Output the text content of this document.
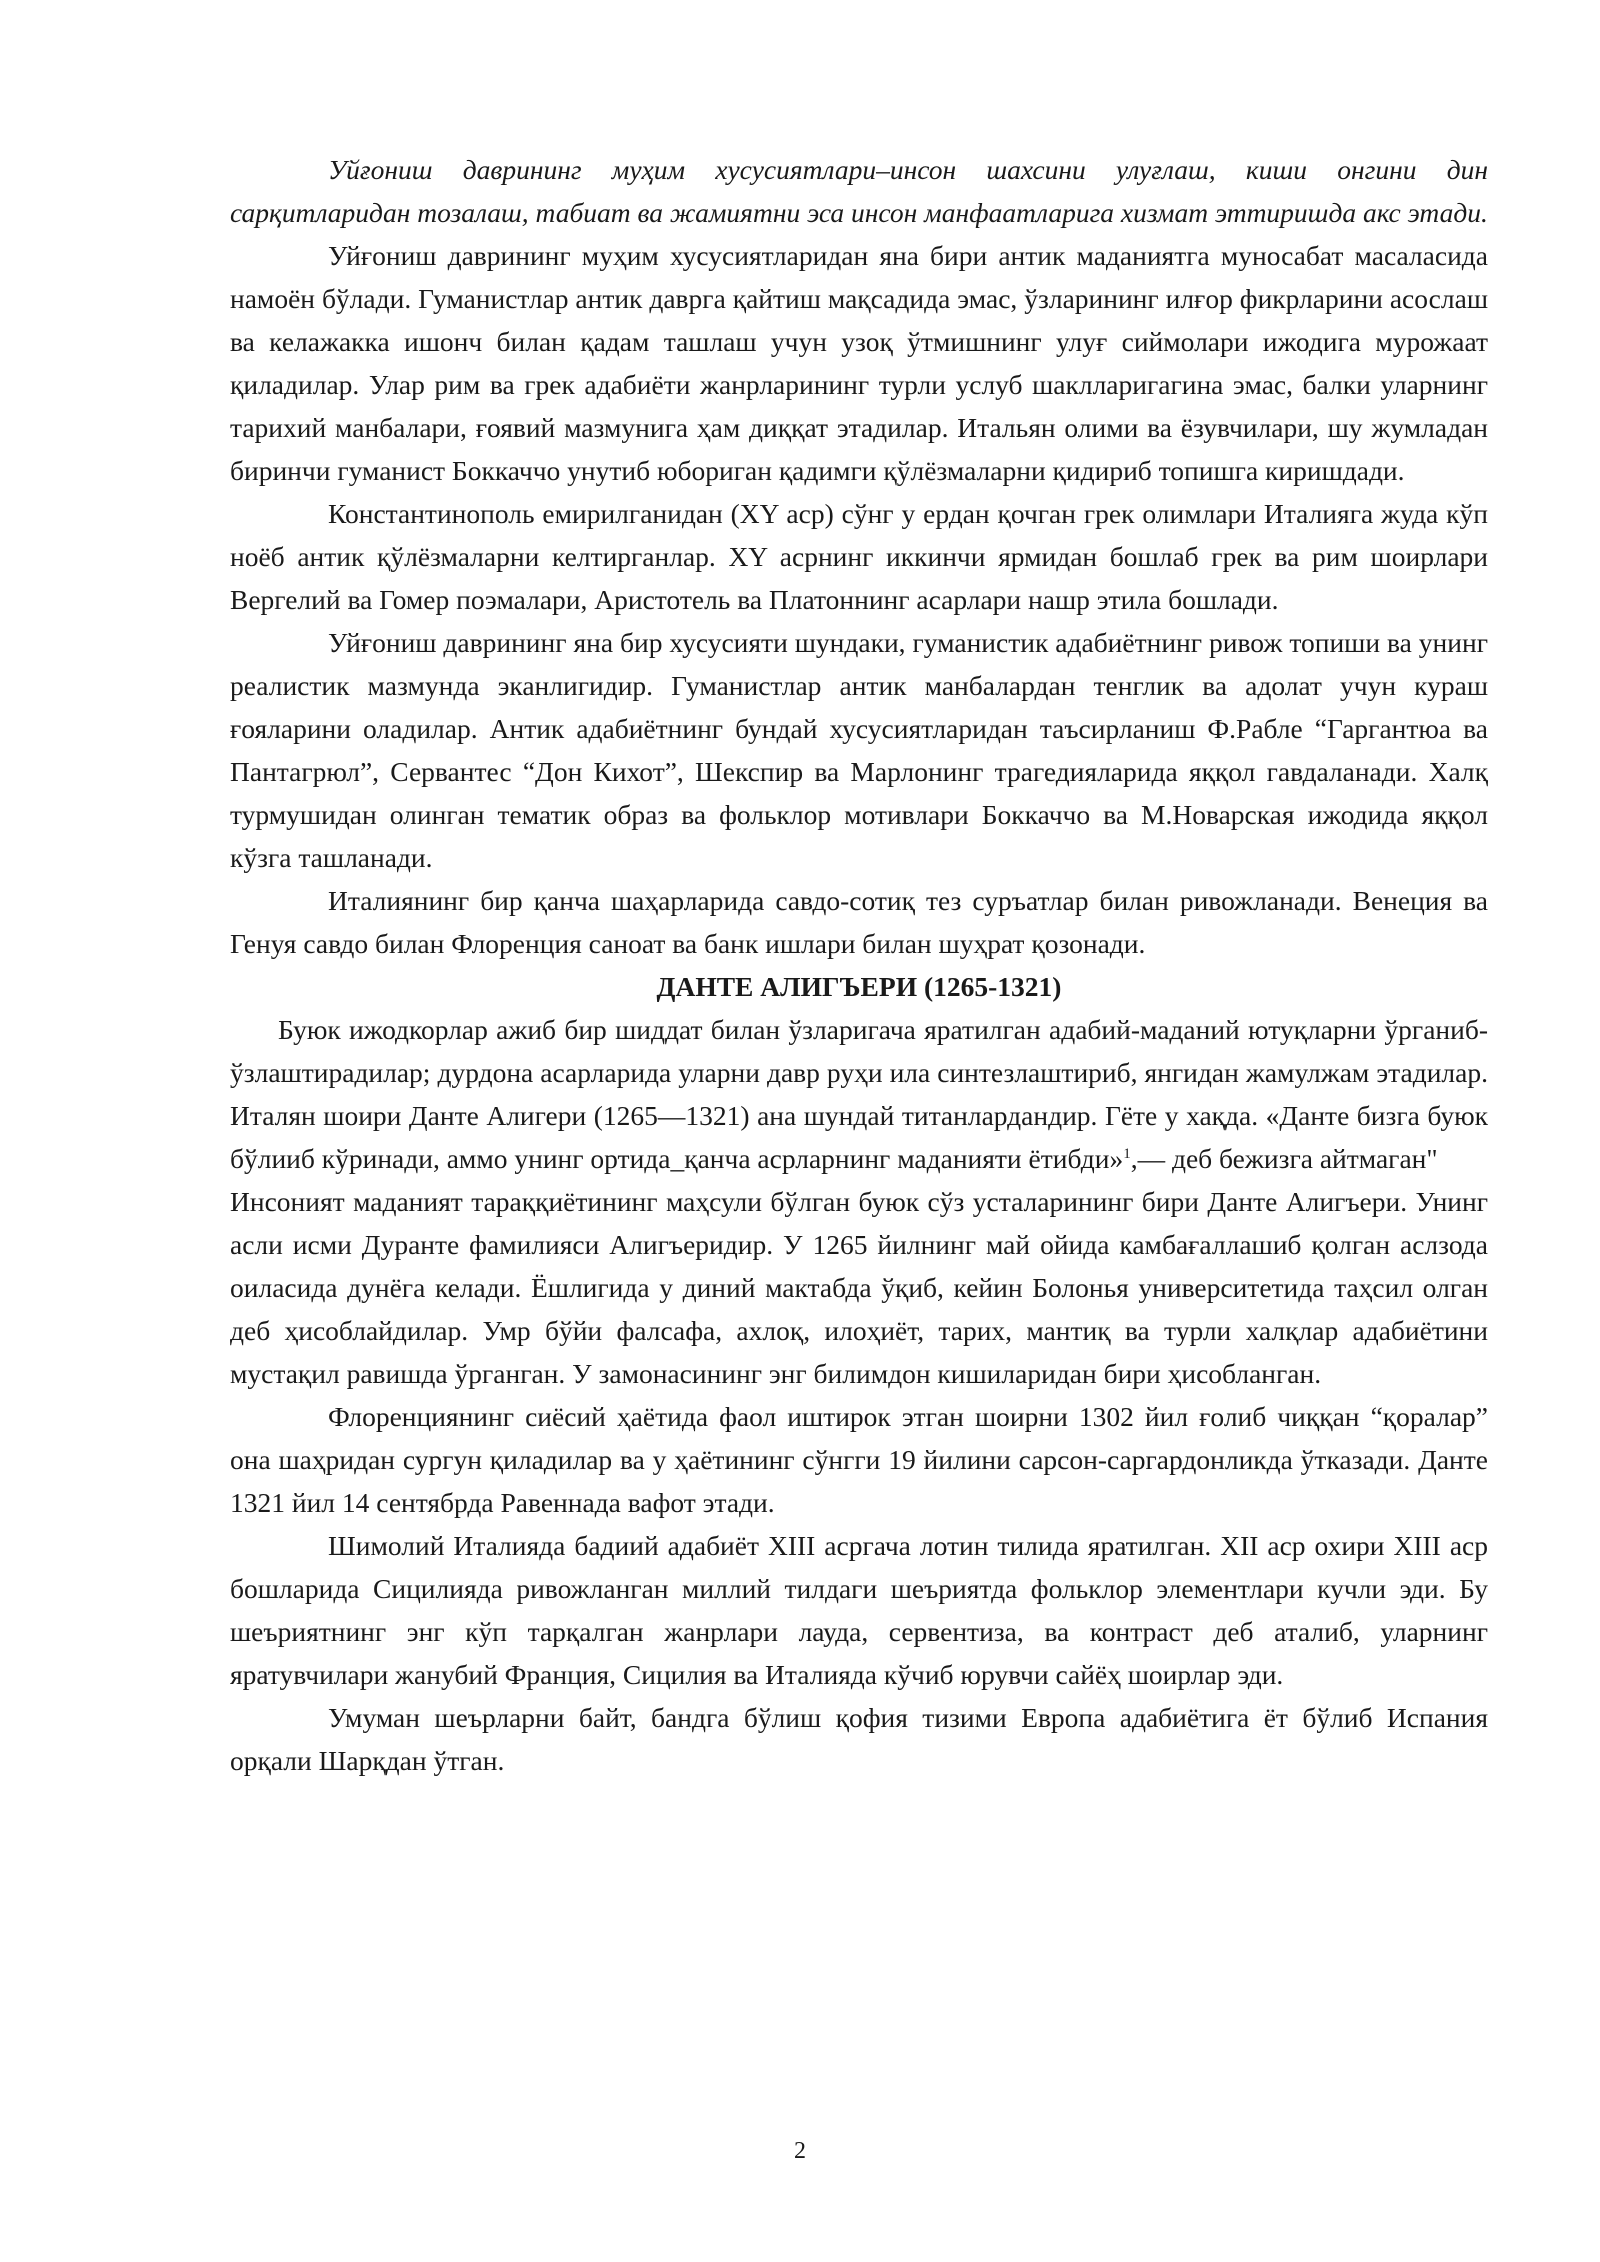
Уйғониш даврининг муҳим хусусиятлари–инсон шахсини улуғлаш, киши онгини дин сарқитларидан тозалаш, табиат ва жамиятни эса инсон манфаатларига хизмат эттиришда акс этади.

Уйғониш даврининг муҳим хусусиятларидан яна бири антик маданиятга муносабат масаласида намоён бўлади. Гуманистлар антик даврга қайтиш мақсадида эмас, ўзларининг илғор фикрларини асослаш ва келажакка ишонч билан қадам ташлаш учун узоқ ўтмишнинг улуғ сиймолари ижодига мурожаат қиладилар. Улар рим ва грек адабиёти жанрларининг турли услуб шаклларигагина эмас, балки уларнинг тарихий манбалари, ғоявий мазмунига ҳам диққат этадилар. Итальян олими ва ёзувчилари, шу жумладан биринчи гуманист Боккаччо унутиб юбориган қадимги қўлёзмаларни қидириб топишга киришдади.

Константинополь емирилганидан (XY аср) сўнг у ердан қочган грек олимлари Италияга жуда кўп ноёб антик қўлёзмаларни келтирганлар. XY асрнинг иккинчи ярмидан бошлаб грек ва рим шоирлари Вергелий ва Гомер поэмалари, Аристотель ва Платоннинг асарлари нашр этила бошлади.

Уйғониш даврининг яна бир хусусияти шундаки, гуманистик адабиётнинг ривож топиши ва унинг реалистик мазмунда эканлигидир. Гуманистлар антик манбалардан тенглик ва адолат учун кураш ғояларини оладилар. Антик адабиётнинг бундай хусусиятларидан таъсирланиш Ф.Рабле “Гаргантюа ва Пантагрюл”, Сервантес “Дон Кихот”, Шекспир ва Марлонинг трагедияларида яққол гавдаланади. Халқ турмушидан олинган тематик образ ва фольклор мотивлари Боккаччо ва М.Новарская ижодида яққол кўзга ташланади.

Италиянинг бир қанча шаҳарларида савдо-сотиқ тез суръатлар билан ривожланади. Венеция ва Генуя савдо билан Флоренция саноат ва банк ишлари билан шуҳрат қозонади.

ДАНТЕ АЛИГЪЕРИ (1265-1321)

Буюк ижодкорлар ажиб бир шиддат билан ўзларигача яратилган адабий-маданий ютуқларни ўрганиб- ўзлаштирадилар; дурдона асарларида уларни давр руҳи ила синтезлаштириб, янгидан жамулжам этадилар. Италян шоири Данте Алигери (1265—1321) ана шундай титанлардандир. Гёте у хақда. «Данте бизга буюк бўлииб кўринади, аммо унинг ортида_қанча асрларнинг маданияти ётибди»$^1$,— деб бежизга айтмаган"

Инсоният маданият тараққиётининг маҳсули бўлган буюк сўз усталарининг бири Данте Алигъери. Унинг асли исми Дуранте фамилияси Алигъеридир. У 1265 йилнинг май ойида камбағаллашиб қолган аслзода оиласида дунёга келади. Ёшлигида у диний мактабда ўқиб, кейин Болонья университетида таҳсил олган деб ҳисоблайдилар. Умр бўйи фалсафа, ахлоқ, илоҳиёт, тарих, мантиқ ва турли халқлар адабиётини мустақил равишда ўрганган. У замонасининг энг билимдон кишиларидан бири ҳисобланган.

Флоренциянинг сиёсий ҳаётида фаол иштирок этган шоирни 1302 йил ғолиб чиққан “қоралар” она шаҳридан сургун қиладилар ва у ҳаётининг сўнгги 19 йилини сарсон-саргардонликда ўтказади. Данте 1321 йил 14 сентябрда Равеннада вафот этади.

Шимолий Италияда бадиий адабиёт XIII асргача лотин тилида яратилган. XII аср охири XIII аср бошларида Сицилияда ривожланган миллий тилдаги шеъриятда фольклор элементлари кучли эди. Бу шеъриятнинг энг кўп тарқалган жанрлари лауда, сервентиза, ва контраст деб аталиб, уларнинг яратувчилари жанубий Франция, Сицилия ва Италияда кўчиб юрувчи сайёҳ шоирлар эди.

Умуман шеърларни байт, бандга бўлиш қофия тизими Европа адабиётига ёт бўлиб Испания орқали Шарқдан ўтган.

2
